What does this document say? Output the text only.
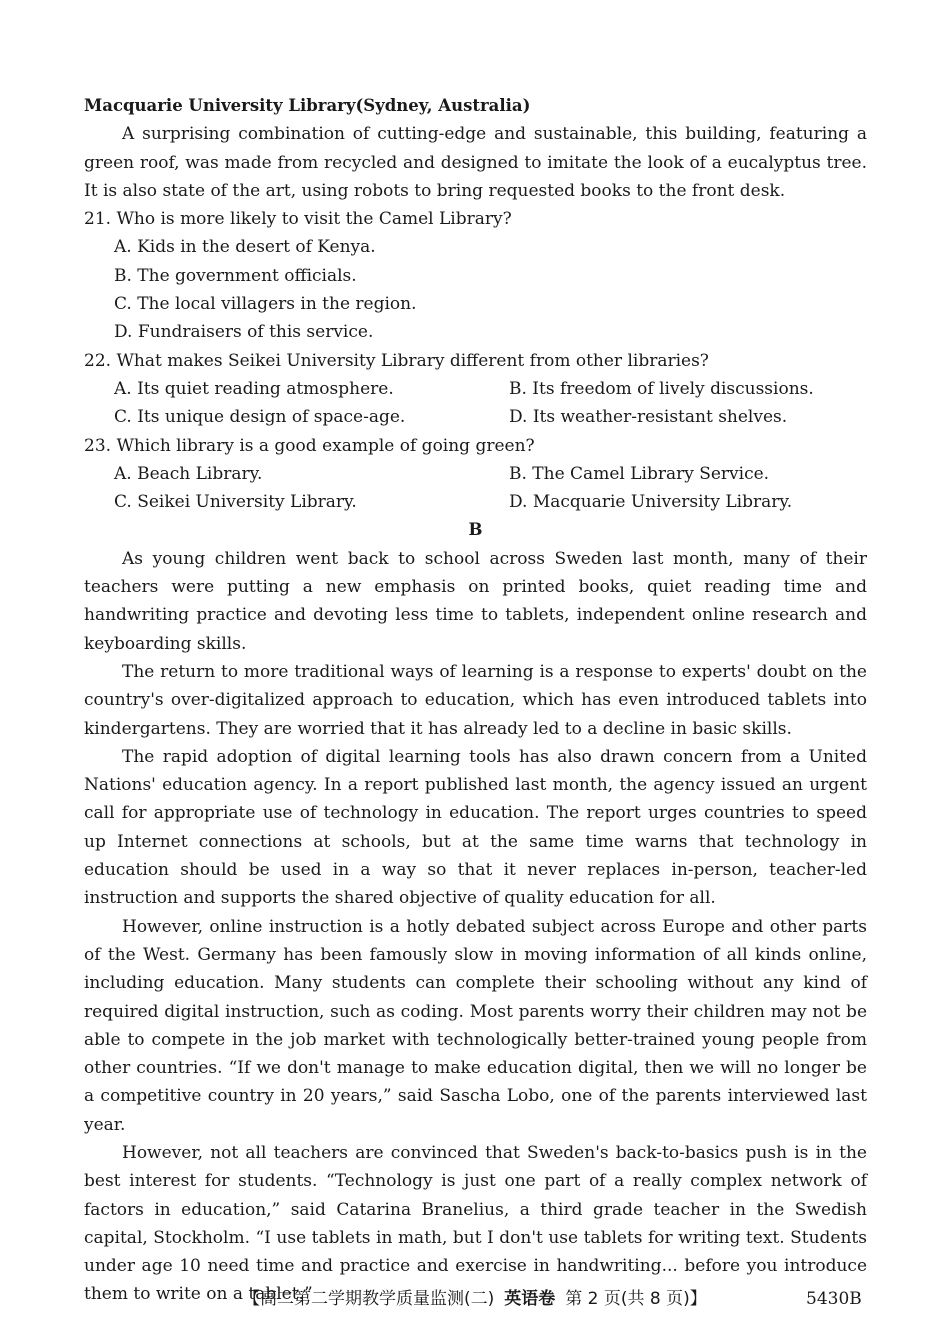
Macquarie University Library(Sydney, Australia)

A surprising combination of cutting-edge and sustainable, this building, featuring a green roof, was made from recycled and designed to imitate the look of a eucalyptus tree. It is also state of the art, using robots to bring requested books to the front desk.

21. Who is more likely to visit the Camel Library?

A. Kids in the desert of Kenya.
B. The government officials.
C. The local villagers in the region.
D. Fundraisers of this service.

22. What makes Seikei University Library different from other libraries?

A. Its quiet reading atmosphere.	B. Its freedom of lively discussions.
C. Its unique design of space-age.	D. Its weather-resistant shelves.

23. Which library is a good example of going green?

A. Beach Library.	B. The Camel Library Service.
C. Seikei University Library.	D. Macquarie University Library.
B

As young children went back to school across Sweden last month, many of their teachers were putting a new emphasis on printed books, quiet reading time and handwriting practice and devoting less time to tablets, independent online research and keyboarding skills.

The return to more traditional ways of learning is a response to experts' doubt on the country's over-digitalized approach to education, which has even introduced tablets into kindergartens. They are worried that it has already led to a decline in basic skills.

The rapid adoption of digital learning tools has also drawn concern from a United Nations' education agency. In a report published last month, the agency issued an urgent call for appropriate use of technology in education. The report urges countries to speed up Internet connections at schools, but at the same time warns that technology in education should be used in a way so that it never replaces in-person, teacher-led instruction and supports the shared objective of quality education for all.

However, online instruction is a hotly debated subject across Europe and other parts of the West. Germany has been famously slow in moving information of all kinds online, including education. Many students can complete their schooling without any kind of required digital instruction, such as coding. Most parents worry their children may not be able to compete in the job market with technologically better-trained young people from other countries. “If we don't manage to make education digital, then we will no longer be a competitive country in 20 years,” said Sascha Lobo, one of the parents interviewed last year.

However, not all teachers are convinced that Sweden's back-to-basics push is in the best interest for students. “Technology is just one part of a really complex network of factors in education,” said Catarina Branelius, a third grade teacher in the Swedish capital, Stockholm. “I use tablets in math, but I don't use tablets for writing text. Students under age 10 need time and practice and exercise in handwriting... before you introduce them to write on a tablet.”

【高二第二学期教学质量监测(二) 英语卷 第 2 页(共 8 页)】	5430B
